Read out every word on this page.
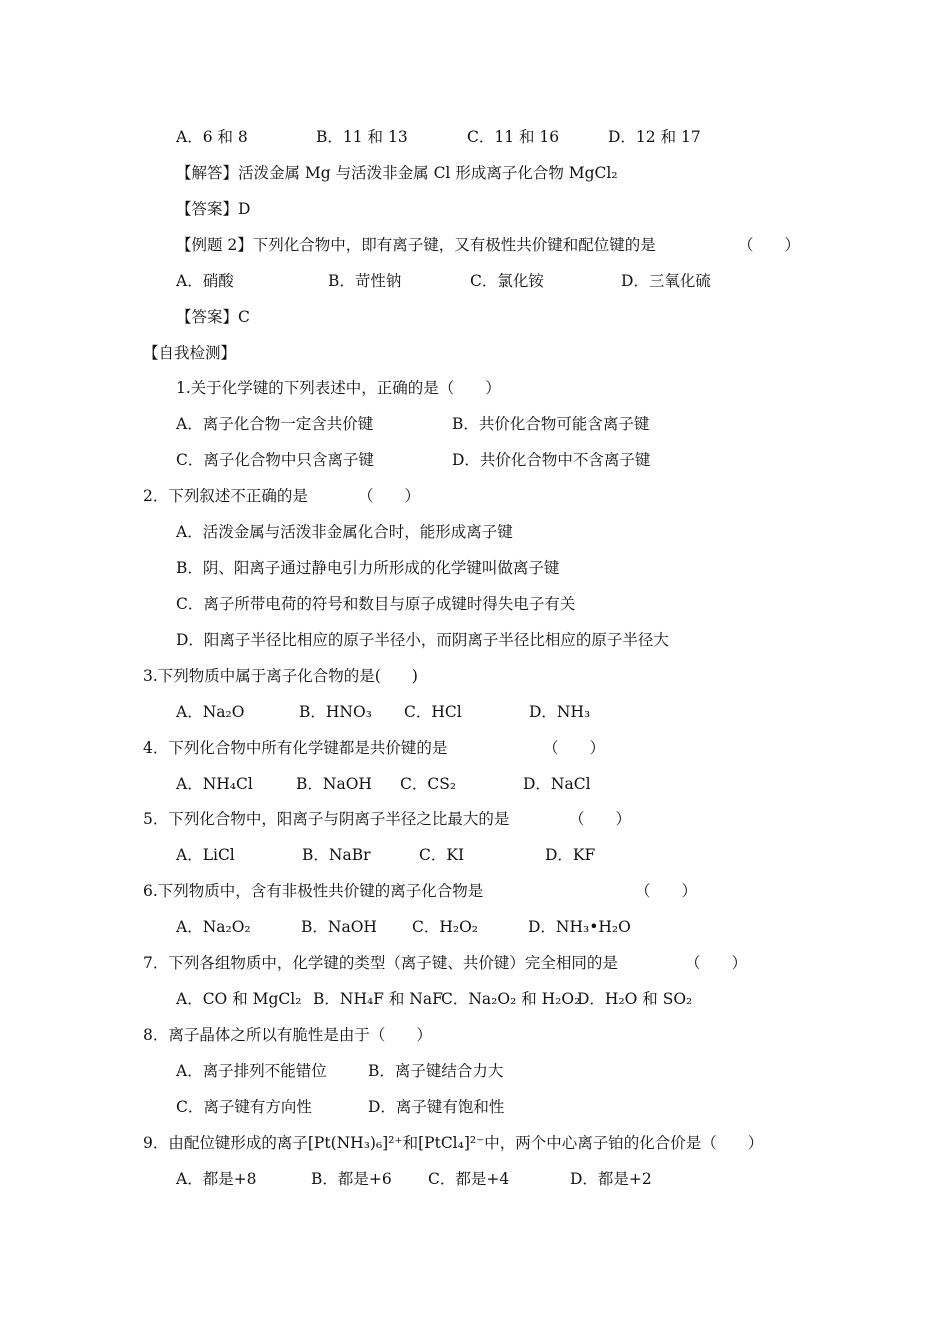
A．6 和 8	B．11 和 13	C．11 和 16	D．12 和 17
【解答】活泼金属 Mg 与活泼非金属 Cl 形成离子化合物 MgCl₂
【答案】D
【例题 2】下列化合物中，即有离子键，又有极性共价键和配位键的是	（　　）
A．硝酸	B．苛性钠	C．氯化铵	D．三氧化硫
【答案】C
【自我检测】
1.关于化学键的下列表述中，正确的是（　　）
A．离子化合物一定含共价键	B．共价化合物可能含离子键
C．离子化合物中只含离子键	D．共价化合物中不含离子键
2．下列叙述不正确的是	（　　）
A．活泼金属与活泼非金属化合时，能形成离子键
B．阴、阳离子通过静电引力所形成的化学键叫做离子键
C．离子所带电荷的符号和数目与原子成键时得失电子有关
D．阳离子半径比相应的原子半径小，而阴离子半径比相应的原子半径大
3.下列物质中属于离子化合物的是(　　)
A．Na₂O	B．HNO₃ C．HCl	D．NH₃
4．下列化合物中所有化学键都是共价键的是	（　　）
A．NH₄Cl	B．NaOH C．CS₂	D．NaCl
5．下列化合物中，阳离子与阴离子半径之比最大的是	（　　）
A．LiCl	B．NaBr	C．KI	D．KF
6.下列物质中，含有非极性共价键的离子化合物是	（　　）
A．Na₂O₂	B．NaOH C．H₂O₂	D．NH₃•H₂O
7．下列各组物质中，化学键的类型（离子键、共价键）完全相同的是	（　　）
A．CO 和 MgCl₂ B．NH₄F 和 NaF
C．Na₂O₂ 和 H₂O₂
D．H₂O 和 SO₂
8．离子晶体之所以有脆性是由于（　　）
A．离子排列不能错位	B．离子键结合力大
C．离子键有方向性	D．离子键有饱和性
9．由配位键形成的离子[Pt(NH₃)₆]²⁺和[PtCl₄]²⁻中，两个中心离子铂的化合价是（　　）
A．都是+8	B．都是+6 C．都是+4	D．都是+2
